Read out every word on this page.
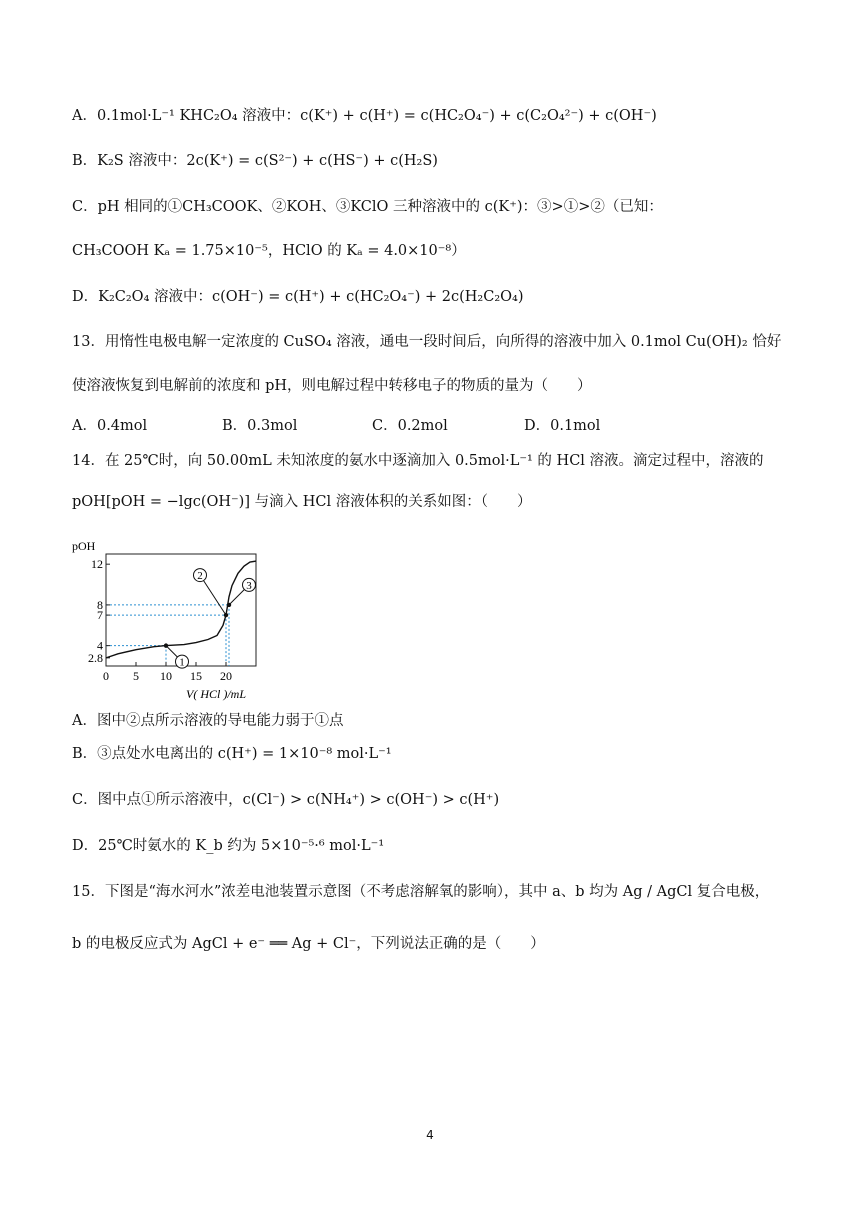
A．0.1mol·L⁻¹ KHC₂O₄ 溶液中：c(K⁺) + c(H⁺) = c(HC₂O₄⁻) + c(C₂O₄²⁻) + c(OH⁻)
B．K₂S 溶液中：2c(K⁺) = c(S²⁻) + c(HS⁻) + c(H₂S)
C．pH 相同的①CH₃COOK、②KOH、③KClO 三种溶液中的 c(K⁺)：③>①>②（已知：
CH₃COOH Kₐ = 1.75×10⁻⁵，HClO 的 Kₐ = 4.0×10⁻⁸）
D．K₂C₂O₄ 溶液中：c(OH⁻) = c(H⁺) + c(HC₂O₄⁻) + 2c(H₂C₂O₄)
13．用惰性电极电解一定浓度的 CuSO₄ 溶液，通电一段时间后，向所得的溶液中加入 0.1mol Cu(OH)₂ 恰好
使溶液恢复到电解前的浓度和 pH，则电解过程中转移电子的物质的量为（　　）
A．0.4mol	B．0.3mol	C．0.2mol	D．0.1mol
14．在 25℃时，向 50.00mL 未知浓度的氨水中逐滴加入 0.5mol·L⁻¹ 的 HCl 溶液。滴定过程中，溶液的
pOH[pOH = −lgc(OH⁻)] 与滴入 HCl 溶液体积的关系如图：（　　）
pOH
V( HCl )/mL
0 5 10 15 20
2.8
4
7
8
12
1
2
3
A．图中②点所示溶液的导电能力弱于①点
B．③点处水电离出的 c(H⁺) = 1×10⁻⁸ mol·L⁻¹
C．图中点①所示溶液中，c(Cl⁻) > c(NH₄⁺) > c(OH⁻) > c(H⁺)
D．25℃时氨水的 K_b 约为 5×10⁻⁵·⁶ mol·L⁻¹
15．下图是“海水河水”浓差电池装置示意图（不考虑溶解氧的影响），其中 a、b 均为 Ag / AgCl 复合电极，
b 的电极反应式为 AgCl + e⁻ ══ Ag + Cl⁻，下列说法正确的是（　　）
4
